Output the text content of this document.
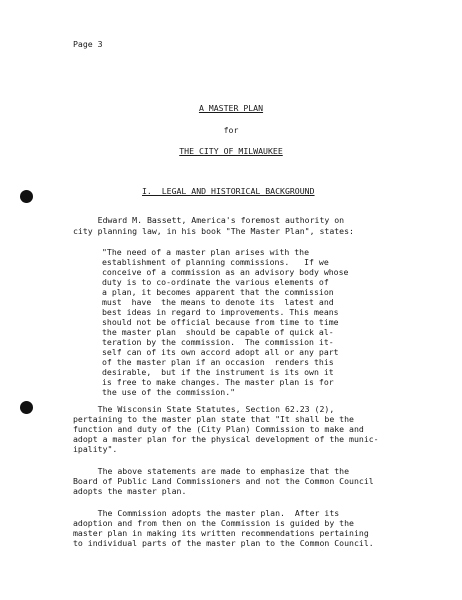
Page 3
A MASTER PLAN
for
THE CITY OF MILWAUKEE
I.  LEGAL AND HISTORICAL BACKGROUND
Edward M. Bassett, America's foremost authority on
city planning law, in his book "The Master Plan", states:
"The need of a master plan arises with the
establishment of planning commissions.   If we
conceive of a commission as an advisory body whose
duty is to co-ordinate the various elements of
a plan, it becomes apparent that the commission
must  have  the means to denote its  latest and
best ideas in regard to improvements. This means
should not be official because from time to time
the master plan  should be capable of quick al-
teration by the commission.  The commission it-
self can of its own accord adopt all or any part
of the master plan if an occasion  renders this
desirable,  but if the instrument is its own it
is free to make changes. The master plan is for
the use of the commission."
The Wisconsin State Statutes, Section 62.23 (2),
pertaining to the master plan state that "It shall be the
function and duty of the (City Plan) Commission to make and
adopt a master plan for the physical development of the munic-
ipality".
The above statements are made to emphasize that the
Board of Public Land Commissioners and not the Common Council
adopts the master plan.
The Commission adopts the master plan.  After its
adoption and from then on the Commission is guided by the
master plan in making its written recommendations pertaining
to individual parts of the master plan to the Common Council.
